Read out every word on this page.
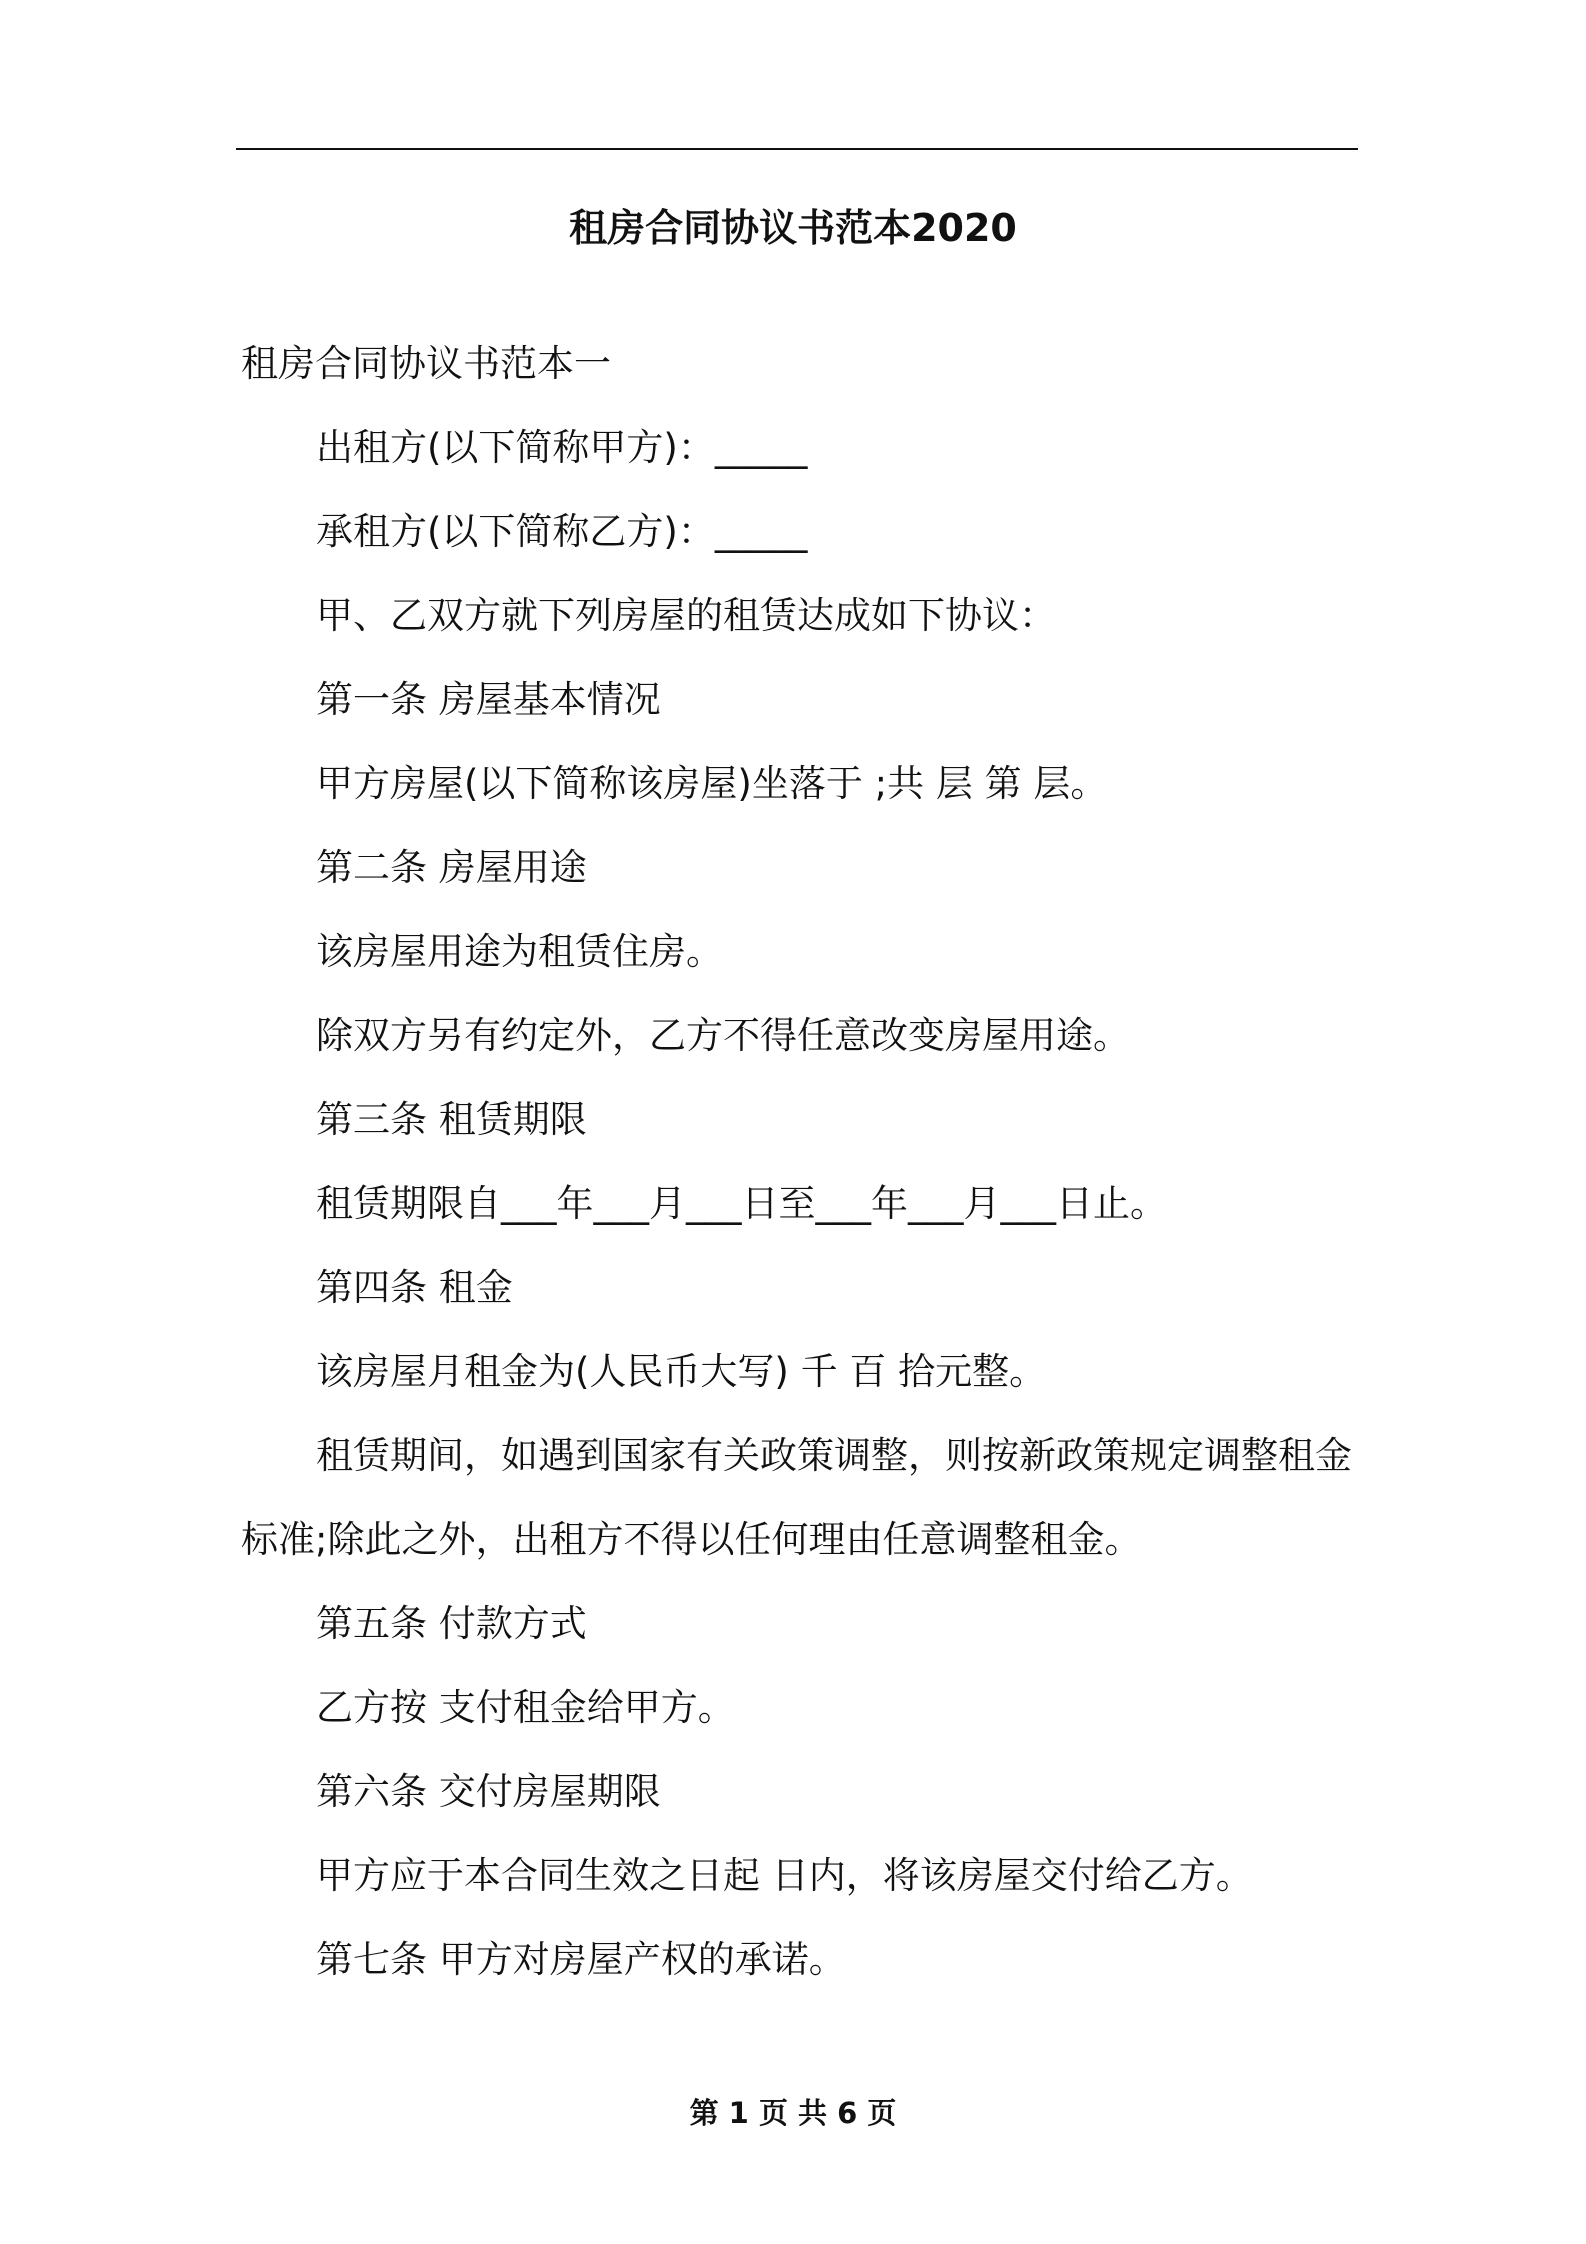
租房合同协议书范本2020
租房合同协议书范本一
出租方(以下简称甲方)：_____
承租方(以下简称乙方)：_____
甲、乙双方就下列房屋的租赁达成如下协议：
第一条 房屋基本情况
甲方房屋(以下简称该房屋)坐落于 ;共 层 第 层。
第二条 房屋用途
该房屋用途为租赁住房。
除双方另有约定外，乙方不得任意改变房屋用途。
第三条 租赁期限
租赁期限自___年___月___日至___年___月___日止。
第四条 租金
该房屋月租金为(人民币大写) 千 百 拾元整。
租赁期间，如遇到国家有关政策调整，则按新政策规定调整租金
标准;除此之外，出租方不得以任何理由任意调整租金。
第五条 付款方式
乙方按 支付租金给甲方。
第六条 交付房屋期限
甲方应于本合同生效之日起 日内，将该房屋交付给乙方。
第七条 甲方对房屋产权的承诺。
第 1 页 共 6 页
